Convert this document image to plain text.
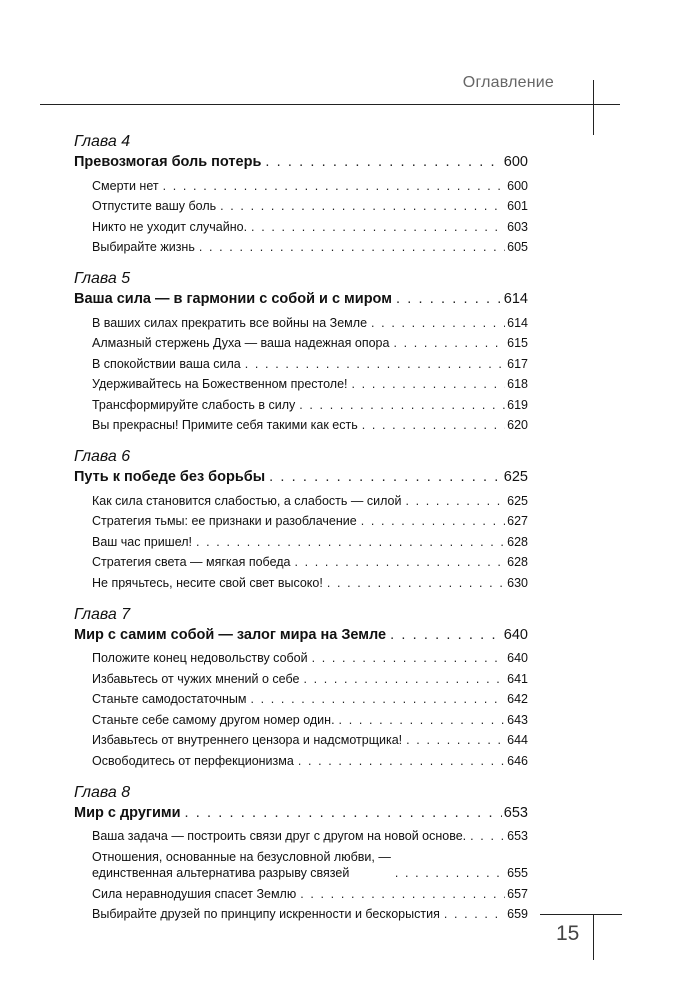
Оглавление
Глава 4
Превозмогая боль потерь . . .	600
Смерти нет . . .	600
Отпустите вашу боль . . .	601
Никто не уходит случайно. . . .	603
Выбирайте жизнь . . .	605
Глава 5
Ваша сила — в гармонии с собой и с миром . . .	614
В ваших силах прекратить все войны на Земле . . .	614
Алмазный стержень Духа — ваша надежная опора . . .	615
В спокойствии ваша сила . . .	617
Удерживайтесь на Божественном престоле! . . .	618
Трансформируйте слабость в силу . . .	619
Вы прекрасны! Примите себя такими как есть . . .	620
Глава 6
Путь к победе без борьбы . . .	625
Как сила становится слабостью, а слабость — силой . . .	625
Стратегия тьмы: ее признаки и разоблачение . . .	627
Ваш час пришел! . . .	628
Стратегия света — мягкая победа . . .	628
Не прячьтесь, несите свой свет высоко! . . .	630
Глава 7
Мир с самим собой — залог мира на Земле . . .	640
Положите конец недовольству собой . . .	640
Избавьтесь от чужих мнений о себе . . .	641
Станьте самодостаточным . . .	642
Станьте себе самому другом номер один. . . .	643
Избавьтесь от внутреннего цензора и надсмотрщика! . . .	644
Освободитесь от перфекционизма . . .	646
Глава 8
Мир с другими . . .	653
Ваша задача — построить связи друг с другом на новой основе. . . .	653
Отношения, основанные на безусловной любви, —
единственная альтернатива разрыву связей . . .	655
Сила неравнодушия спасет Землю . . .	657
Выбирайте друзей по принципу искренности и бескорыстия . . .	659
15
